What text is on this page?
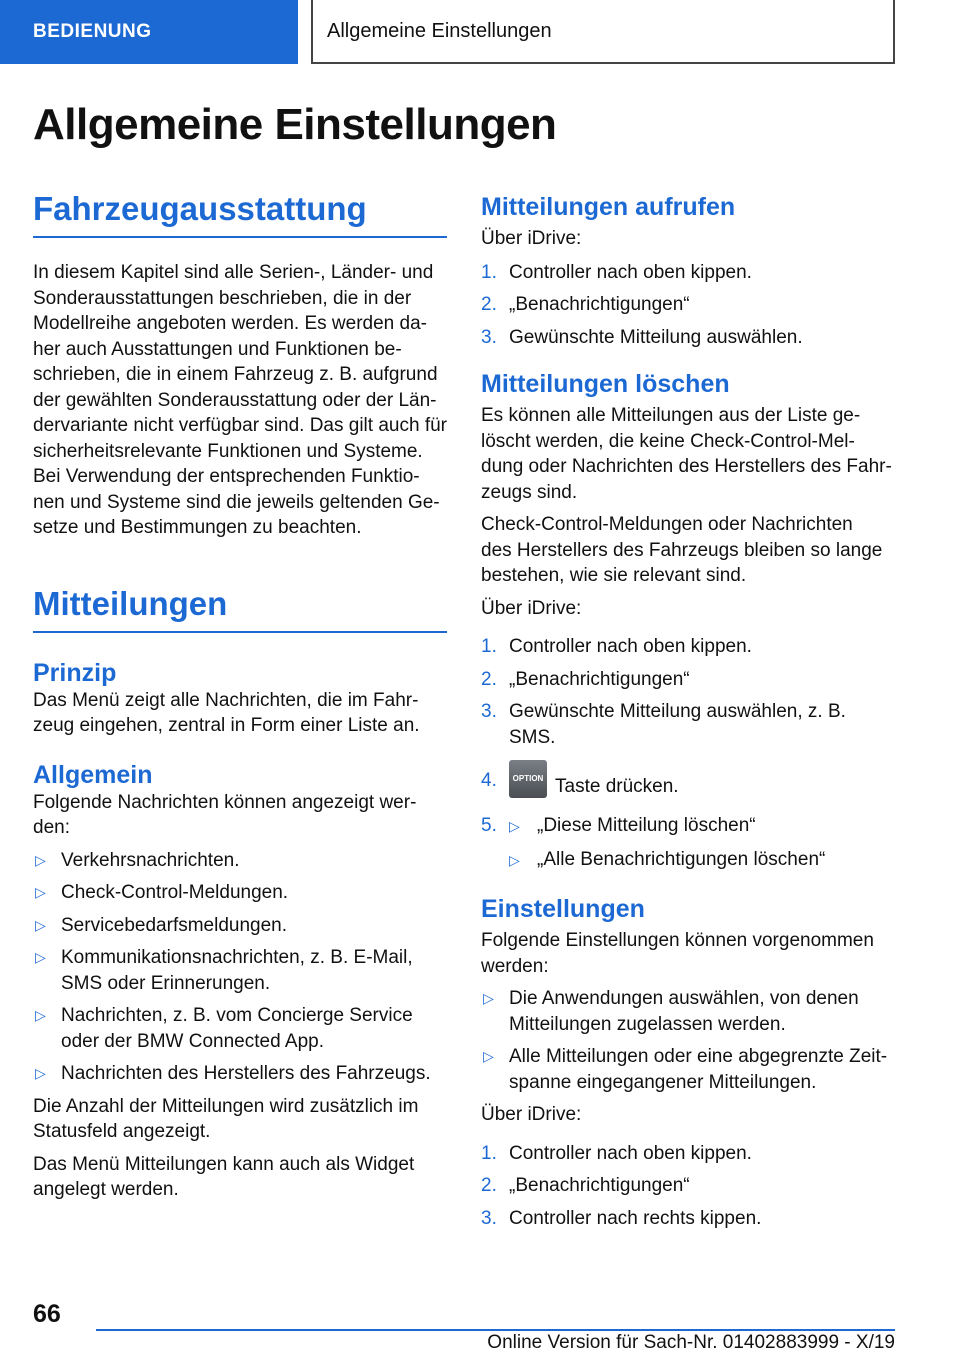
BEDIENUNG	Allgemeine Einstellungen
Allgemeine Einstellungen
Fahrzeugausstattung

In diesem Kapitel sind alle Serien-, Länder- und
Sonderausstattungen beschrieben, die in der
Modellreihe angeboten werden. Es werden da-
her auch Ausstattungen und Funktionen be-
schrieben, die in einem Fahrzeug z. B. aufgrund
der gewählten Sonderausstattung oder der Län-
dervariante nicht verfügbar sind. Das gilt auch für
sicherheitsrelevante Funktionen und Systeme.
Bei Verwendung der entsprechenden Funktio-
nen und Systeme sind die jeweils geltenden Ge-
setze und Bestimmungen zu beachten.

Mitteilungen
Prinzip

Das Menü zeigt alle Nachrichten, die im Fahr-
zeug eingehen, zentral in Form einer Liste an.

Allgemein

Folgende Nachrichten können angezeigt wer-
den:

▷ Verkehrsnachrichten.
▷ Check-Control-Meldungen.
▷ Servicebedarfsmeldungen.
▷ Kommunikationsnachrichten, z. B. E-Mail,
SMS oder Erinnerungen.
▷ Nachrichten, z. B. vom Concierge Service
oder der BMW Connected App.
▷ Nachrichten des Herstellers des Fahrzeugs.

Die Anzahl der Mitteilungen wird zusätzlich im
Statusfeld angezeigt.

Das Menü Mitteilungen kann auch als Widget
angelegt werden.

Mitteilungen aufrufen

Über iDrive:

1. Controller nach oben kippen.
2. „Benachrichtigungen“
3. Gewünschte Mitteilung auswählen.
Mitteilungen löschen

Es können alle Mitteilungen aus der Liste ge-
löscht werden, die keine Check-Control-Mel-
dung oder Nachrichten des Herstellers des Fahr-
zeugs sind.

Check-Control-Meldungen oder Nachrichten
des Herstellers des Fahrzeugs bleiben so lange
bestehen, wie sie relevant sind.

Über iDrive:

1. Controller nach oben kippen.
2. „Benachrichtigungen“
3. Gewünschte Mitteilung auswählen, z. B.
SMS.
4. OPTION Taste drücken.
5. ▷ „Diese Mitteilung löschen“
▷ „Alle Benachrichtigungen löschen“
Einstellungen

Folgende Einstellungen können vorgenommen
werden:

▷ Die Anwendungen auswählen, von denen
Mitteilungen zugelassen werden.
▷ Alle Mitteilungen oder eine abgegrenzte Zeit-
spanne eingegangener Mitteilungen.

Über iDrive:

1. Controller nach oben kippen.
2. „Benachrichtigungen“
3. Controller nach rechts kippen.
66
Online Version für Sach-Nr. 01402883999 - X/19
